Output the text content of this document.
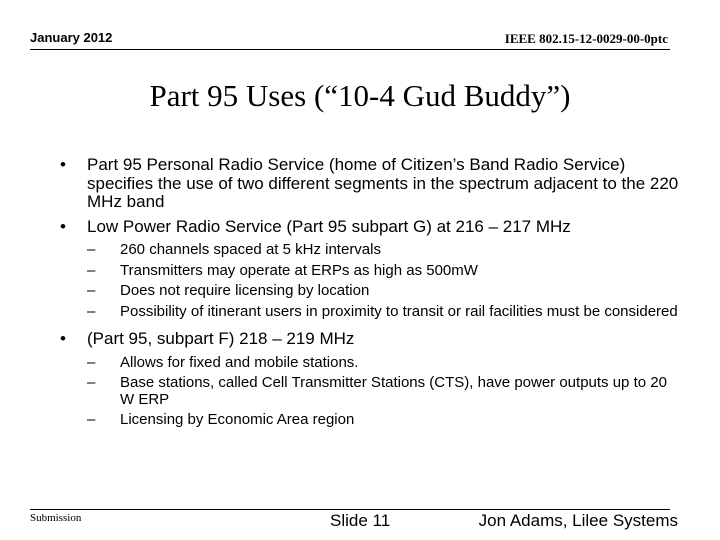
January 2012	IEEE 802.15-12-0029-00-0ptc
Part 95 Uses (“10-4 Gud Buddy”)
• Part 95 Personal Radio Service (home of Citizen’s Band Radio Service) specifies the use of two different segments in the spectrum adjacent to the 220 MHz band
• Low Power Radio Service (Part 95 subpart G) at 216 – 217 MHz
– 260 channels spaced at 5 kHz intervals
– Transmitters may operate at ERPs as high as 500mW
– Does not require licensing by location
– Possibility of itinerant users in proximity to transit or rail facilities must be considered
• (Part 95, subpart F) 218 – 219 MHz
– Allows for fixed and mobile stations.
– Base stations, called Cell Transmitter Stations (CTS), have power outputs up to 20 W ERP
– Licensing by Economic Area region
Submission	Slide 11	Jon Adams, Lilee Systems
